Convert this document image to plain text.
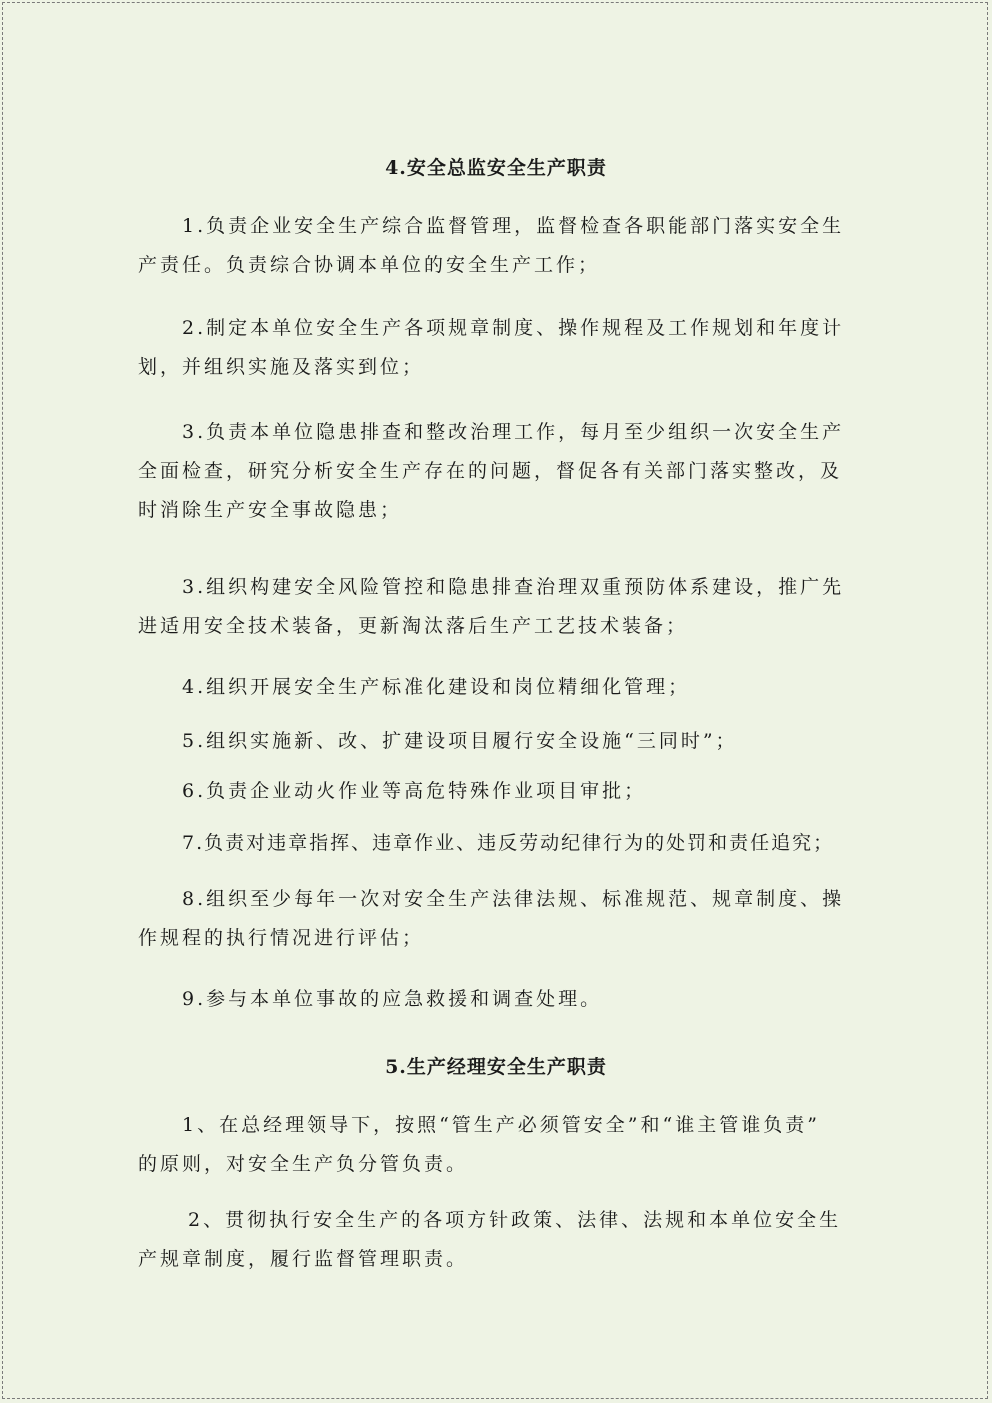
4.安全总监安全生产职责
1.负责企业安全生产综合监督管理，监督检查各职能部门落实安全生
产责任。负责综合协调本单位的安全生产工作；
2.制定本单位安全生产各项规章制度、操作规程及工作规划和年度计
划，并组织实施及落实到位；
3.负责本单位隐患排查和整改治理工作，每月至少组织一次安全生产
全面检查，研究分析安全生产存在的问题，督促各有关部门落实整改，及
时消除生产安全事故隐患；
3.组织构建安全风险管控和隐患排查治理双重预防体系建设，推广先
进适用安全技术装备，更新淘汰落后生产工艺技术装备；
4.组织开展安全生产标准化建设和岗位精细化管理；
5.组织实施新、改、扩建设项目履行安全设施“三同时”；
6.负责企业动火作业等高危特殊作业项目审批；
7.负责对违章指挥、违章作业、违反劳动纪律行为的处罚和责任追究；
8.组织至少每年一次对安全生产法律法规、标准规范、规章制度、操
作规程的执行情况进行评估；
9.参与本单位事故的应急救援和调查处理。
5.生产经理安全生产职责
1、在总经理领导下，按照“管生产必须管安全”和“谁主管谁负责”
的原则，对安全生产负分管负责。
2、贯彻执行安全生产的各项方针政策、法律、法规和本单位安全生
产规章制度，履行监督管理职责。
